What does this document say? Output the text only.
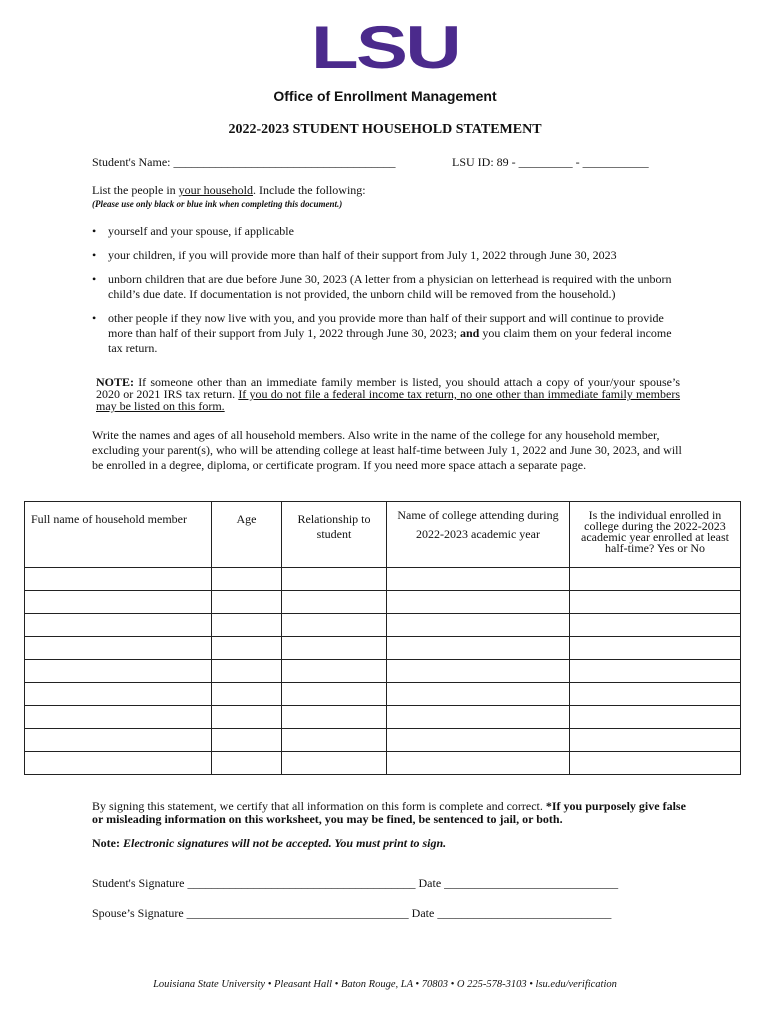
LSU
Office of Enrollment Management
2022-2023 STUDENT HOUSEHOLD STATEMENT
Student's Name: _____________________________________	LSU ID: 89 - _________ - ___________
List the people in your household. Include the following:
(Please use only black or blue ink when completing this document.)
• yourself and your spouse, if applicable
• your children, if you will provide more than half of their support from July 1, 2022 through June 30, 2023
• unborn children that are due before June 30, 2023 (A letter from a physician on letterhead is required with the unborn child’s due date. If documentation is not provided, the unborn child will be removed from the household.)
• other people if they now live with you, and you provide more than half of their support and will continue to provide more than half of their support from July 1, 2022 through June 30, 2023; and you claim them on your federal income tax return.
NOTE: If someone other than an immediate family member is listed, you should attach a copy of your/your spouse’s 2020 or 2021 IRS tax return. If you do not file a federal income tax return, no one other than immediate family members may be listed on this form.
Write the names and ages of all household members. Also write in the name of the college for any household member, excluding your parent(s), who will be attending college at least half-time between July 1, 2022 and June 30, 2023, and will be enrolled in a degree, diploma, or certificate program. If you need more space attach a separate page.
Full name of household member	Age	Relationship to student	Name of college attending during 2022-2023 academic year	Is the individual enrolled in college during the 2022-2023 academic year enrolled at least half-time? Yes or No

By signing this statement, we certify that all information on this form is complete and correct. *If you purposely give false or misleading information on this worksheet, you may be fined, be sentenced to jail, or both.
Note: Electronic signatures will not be accepted. You must print to sign.
Student's Signature ______________________________________ Date _____________________________
Spouse’s Signature _____________________________________ Date _____________________________
Louisiana State University • Pleasant Hall • Baton Rouge, LA • 70803 • O 225-578-3103 • lsu.edu/verification
